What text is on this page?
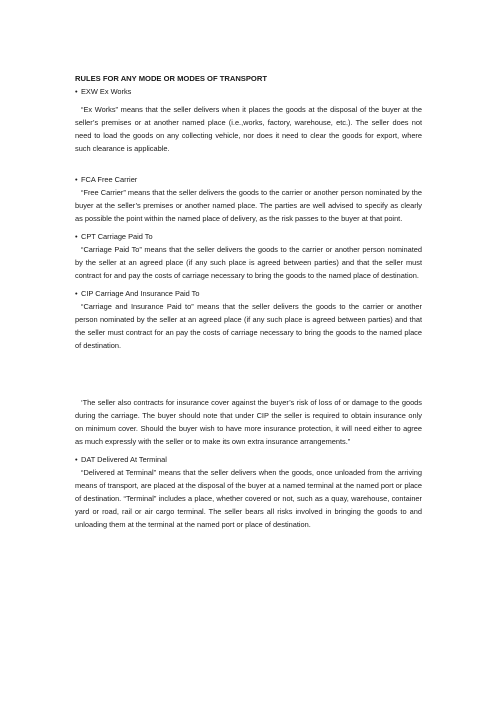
RULES FOR ANY MODE OR MODES OF TRANSPORT

• EXW Ex Works

“Ex Works” means that the seller delivers when it places the goods at the disposal of the buyer at the seller’s premises or at another named place (i.e.,works, factory, warehouse, etc.). The seller does not need to load the goods on any collecting vehicle, nor does it need to clear the goods for export, where such clearance is applicable.

• FCA Free Carrier

“Free Carrier” means that the seller delivers the goods to the carrier or another person nominated by the buyer at the seller’s premises or another named place. The parties are well advised to specify as clearly as possible the point within the named place of delivery, as the risk passes to the buyer at that point.

• CPT Carriage Paid To

“Carriage Paid To” means that the seller delivers the goods to the carrier or another person nominated by the seller at an agreed place (if any such place is agreed between parties) and that the seller must contract for and pay the costs of carriage necessary to bring the goods to the named place of destination.

• CIP Carriage And Insurance Paid To

“Carriage and Insurance Paid to” means that the seller delivers the goods to the carrier or another person nominated by the seller at an agreed place (if any such place is agreed between parties) and that the seller must contract for an pay the costs of carriage necessary to bring the goods to the named place of destination.

‘The seller also contracts for insurance cover against the buyer’s risk of loss of or damage to the goods during the carriage. The buyer should note that under CIP the seller is required to obtain insurance only on minimum cover. Should the buyer wish to have more insurance protection, it will need either to agree as much expressly with the seller or to make its own extra insurance arrangements.”

• DAT Delivered At Terminal

“Delivered at Terminal” means that the seller delivers when the goods, once unloaded from the arriving means of transport, are placed at the disposal of the buyer at a named terminal at the named port or place of destination. “Terminal” includes a place, whether covered or not, such as a quay, warehouse, container yard or road, rail or air cargo terminal. The seller bears all risks involved in bringing the goods to and unloading them at the terminal at the named port or place of destination.
